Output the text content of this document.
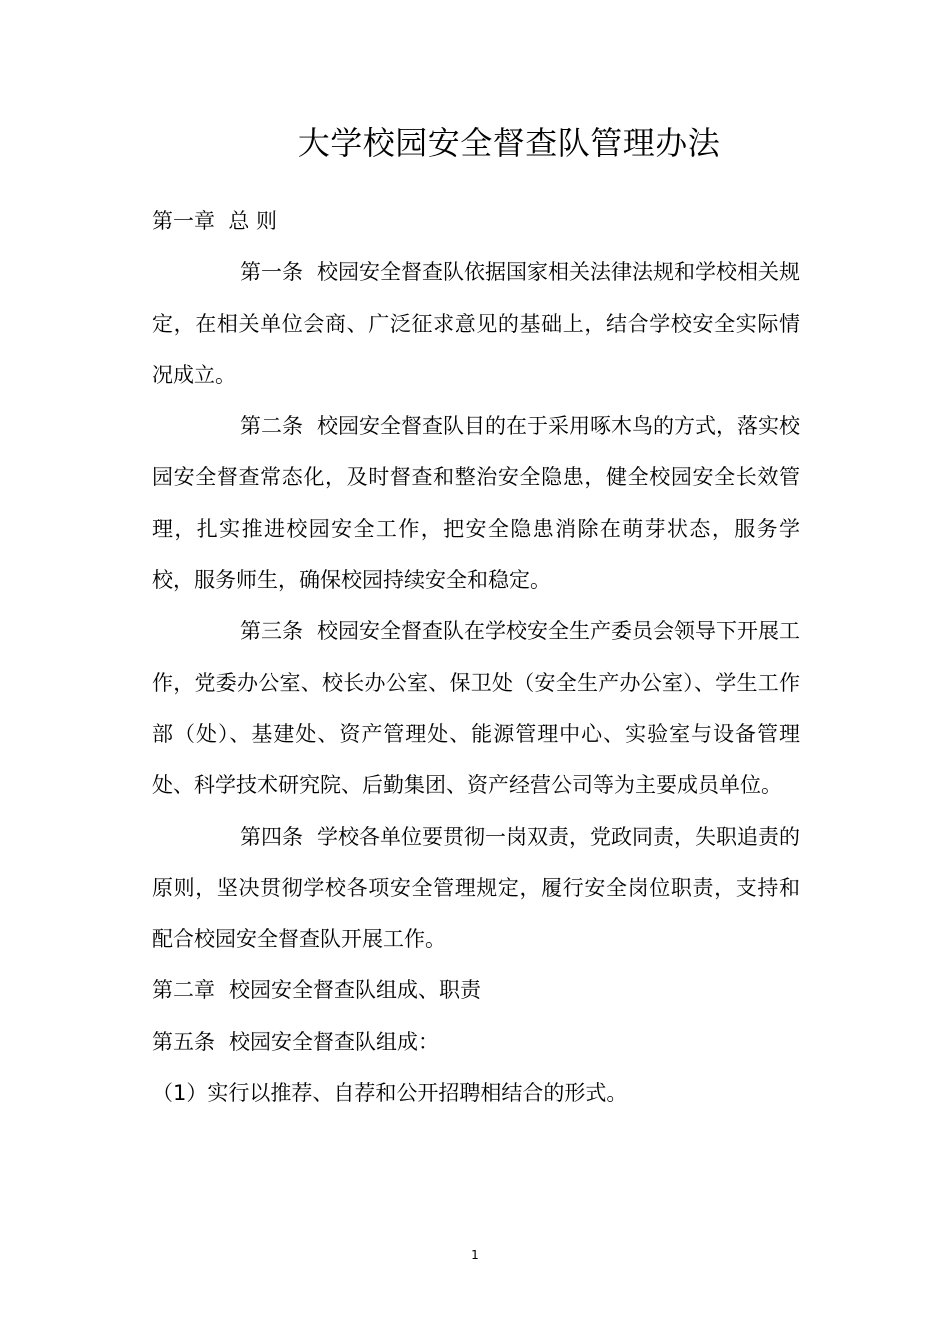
大学校园安全督查队管理办法

第一章 总 则

第一条 校园安全督查队依据国家相关法律法规和学校相关规定，在相关单位会商、广泛征求意见的基础上，结合学校安全实际情况成立。

第二条 校园安全督查队目的在于采用啄木鸟的方式，落实校园安全督查常态化，及时督查和整治安全隐患，健全校园安全长效管理，扎实推进校园安全工作，把安全隐患消除在萌芽状态，服务学校，服务师生，确保校园持续安全和稳定。

第三条 校园安全督查队在学校安全生产委员会领导下开展工作，党委办公室、校长办公室、保卫处（安全生产办公室）、学生工作部（处）、基建处、资产管理处、能源管理中心、实验室与设备管理处、科学技术研究院、后勤集团、资产经营公司等为主要成员单位。

第四条 学校各单位要贯彻一岗双责，党政同责，失职追责的原则，坚决贯彻学校各项安全管理规定，履行安全岗位职责，支持和配合校园安全督查队开展工作。

第二章 校园安全督查队组成、职责

第五条 校园安全督查队组成：

（1）实行以推荐、自荐和公开招聘相结合的形式。

1
